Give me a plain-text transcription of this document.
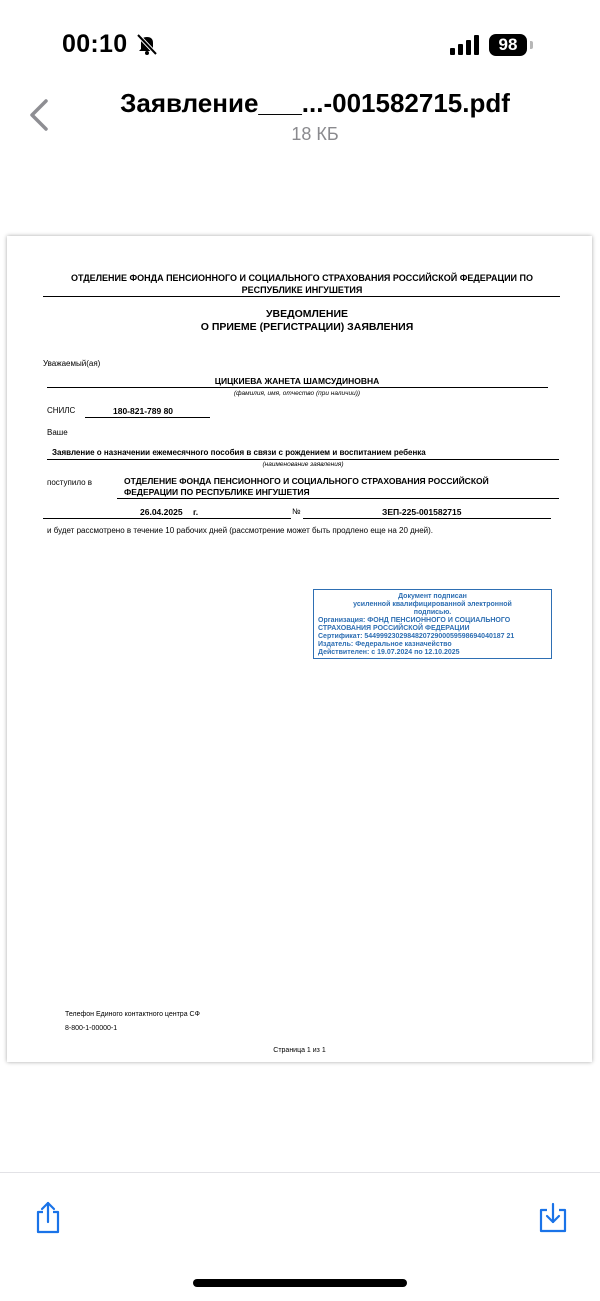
00:10	98
Заявление___...-001582715.pdf
18 КБ
ОТДЕЛЕНИЕ ФОНДА ПЕНСИОННОГО И СОЦИАЛЬНОГО СТРАХОВАНИЯ РОССИЙСКОЙ ФЕДЕРАЦИИ ПО РЕСПУБЛИКЕ ИНГУШЕТИЯ
УВЕДОМЛЕНИЕ
О ПРИЕМЕ (РЕГИСТРАЦИИ) ЗАЯВЛЕНИЯ
Уважаемый(ая)
ЦИЦКИЕВА ЖАНЕТА ШАМСУДИНОВНА
(фамилия, имя, отчество (при наличии))
СНИЛС	180-821-789 80
Ваше
Заявление о назначении ежемесячного пособия в связи с рождением и воспитанием ребенка
(наименование заявления)
поступило в	ОТДЕЛЕНИЕ ФОНДА ПЕНСИОННОГО И СОЦИАЛЬНОГО СТРАХОВАНИЯ РОССИЙСКОЙ ФЕДЕРАЦИИ ПО РЕСПУБЛИКЕ ИНГУШЕТИЯ
26.04.2025 г.	№	ЗЕП-225-001582715
и будет рассмотрено в течение 10 рабочих дней (рассмотрение может быть продлено еще на 20 дней).
Документ подписан
усиленной квалифицированной электронной
подписью.
Организация: ФОНД ПЕНСИОННОГО И СОЦИАЛЬНОГО СТРАХОВАНИЯ РОССИЙСКОЙ ФЕДЕРАЦИИ
Сертификат: 544999230298482072900059598694040187 21
Издатель: Федеральное казначейство
Действителен: с 19.07.2024 по 12.10.2025
Телефон Единого контактного центра СФ
8-800-1-00000-1
Страница 1 из 1
